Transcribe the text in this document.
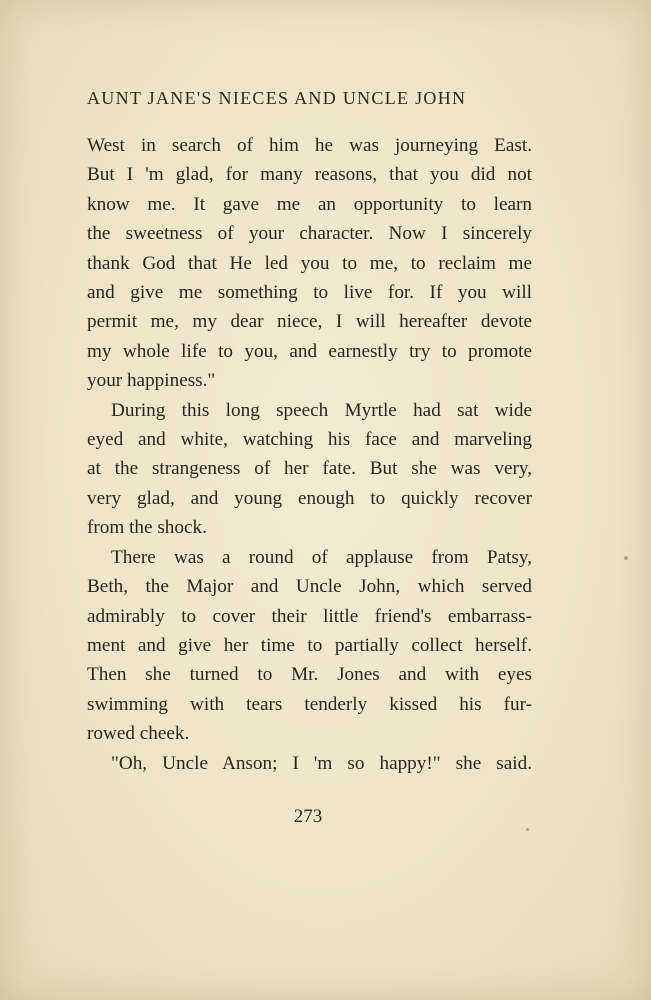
AUNT JANE'S NIECES AND UNCLE JOHN
West in search of him he was journeying East.
But I 'm glad, for many reasons, that you did not
know me. It gave me an opportunity to learn
the sweetness of your character. Now I sincerely
thank God that He led you to me, to reclaim me
and give me something to live for. If you will
permit me, my dear niece, I will hereafter devote
my whole life to you, and earnestly try to promote
your happiness."
During this long speech Myrtle had sat wide
eyed and white, watching his face and marveling
at the strangeness of her fate. But she was very,
very glad, and young enough to quickly recover
from the shock.
There was a round of applause from Patsy,
Beth, the Major and Uncle John, which served
admirably to cover their little friend's embarrass-
ment and give her time to partially collect herself.
Then she turned to Mr. Jones and with eyes
swimming with tears tenderly kissed his fur-
rowed cheek.
"Oh, Uncle Anson; I 'm so happy!" she said.
273
